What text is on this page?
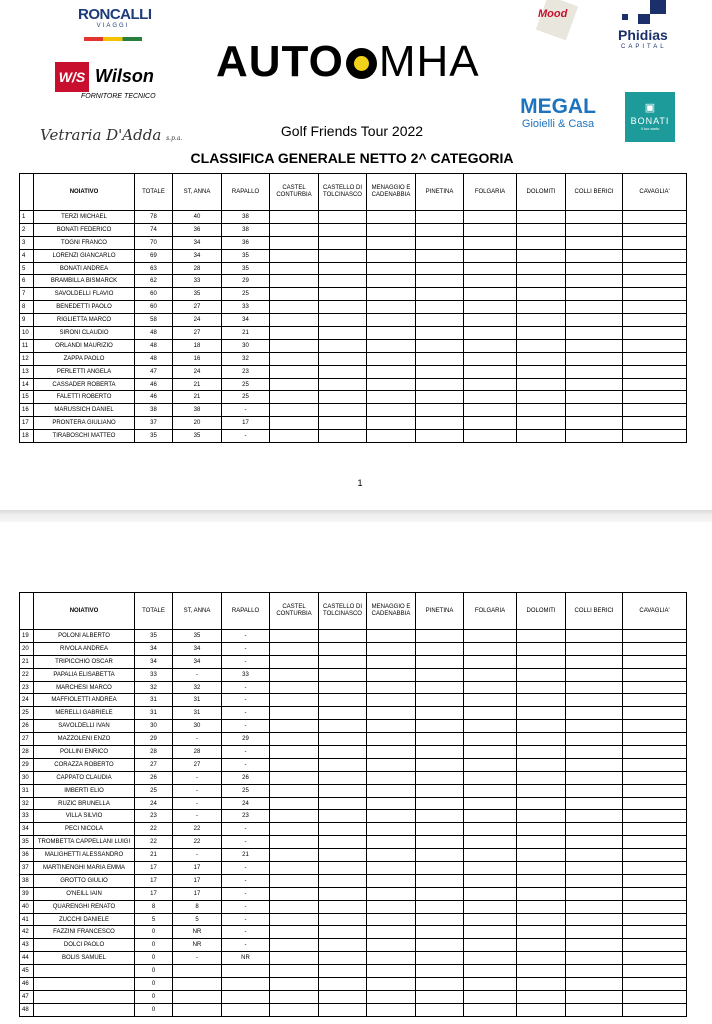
RONCALLI
VIAGGI
W/S Wilson
FORNITORE TECNICO
AUTO MHA
Mood
Phidias
CAPITAL
MEGAL
Gioielli & Casa
▣
BONATI
Il tuo sarto
Vetraria D'Adda s.p.a.	Golf Friends Tour 2022
CLASSIFICA GENERALE NETTO 2^ CATEGORIA
	NOIATIVO	TOTALE	ST, ANNA	RAPALLO	CASTEL CONTURBIA	CASTELLO DI TOLCINASCO	MENAGGIO E CADENABBIA	PINETINA	FOLGARIA	DOLOMITI	COLLI BERICI	CAVAGLIA'
1	TERZI MICHAEL	78	40	38								
2	BONATI FEDERICO	74	36	38								
3	TOGNI FRANCO	70	34	36								
4	LORENZI GIANCARLO	69	34	35								
5	BONATI ANDREA	63	28	35								
6	BRAMBILLA BISMARCK	62	33	29								
7	SAVOLDELLI FLAVIO	60	35	25								
8	BENEDETTI PAOLO	60	27	33								
9	RIGLIETTA MARCO	58	24	34								
10	SIRONI CLAUDIO	48	27	21								
11	ORLANDI MAURIZIO	48	18	30								
12	ZAPPA PAOLO	48	16	32								
13	PERLETTI ANGELA	47	24	23								
14	CASSADER ROBERTA	46	21	25								
15	FALETTI ROBERTO	46	21	25								
16	MARUSSICH DANIEL	38	38	-								
17	PRONTERA GIULIANO	37	20	17								
18	TIRABOSCHI MATTEO	35	35	-								
1
	NOIATIVO	TOTALE	ST, ANNA	RAPALLO	CASTEL CONTURBIA	CASTELLO DI TOLCINASCO	MENAGGIO E CADENABBIA	PINETINA	FOLGARIA	DOLOMITI	COLLI BERICI	CAVAGLIA'
19	POLONI ALBERTO	35	35	-								
20	RIVOLA ANDREA	34	34	-								
21	TRIPICCHIO OSCAR	34	34	-								
22	PAPALIA ELISABETTA	33	-	33								
23	MARCHESI MARCO	32	32	-								
24	MAFFIOLETTI ANDREA	31	31	-								
25	MERELLI GABRIELE	31	31	-								
26	SAVOLDELLI IVAN	30	30	-								
27	MAZZOLENI ENZO	29	-	29								
28	POLLINI ENRICO	28	28	-								
29	CORAZZA ROBERTO	27	27	-								
30	CAPPATO CLAUDIA	26	-	26								
31	IMBERTI ELIO	25	-	25								
32	RUZIC BRUNELLA	24	-	24								
33	VILLA SILVIO	23	-	23								
34	PECI NICOLA	22	22	-								
35	TROMBETTA CAPPELLANI LUIGI	22	22	-								
36	MALIGHETTI ALESSANDRO	21	-	21								
37	MARTINENGHI MARIA EMMA	17	17	-								
38	GROTTO GIULIO	17	17	-								
39	O'NEILL IAIN	17	17	-								
40	QUARENGHI RENATO	8	8	-								
41	ZUCCHI DANIELE	5	5	-								
42	FAZZINI FRANCESCO	0	NR	-								
43	DOLCI PAOLO	0	NR	-								
44	BOLIS SAMUEL	0	-	NR								
45		0										
46		0										
47		0										
48		0										
